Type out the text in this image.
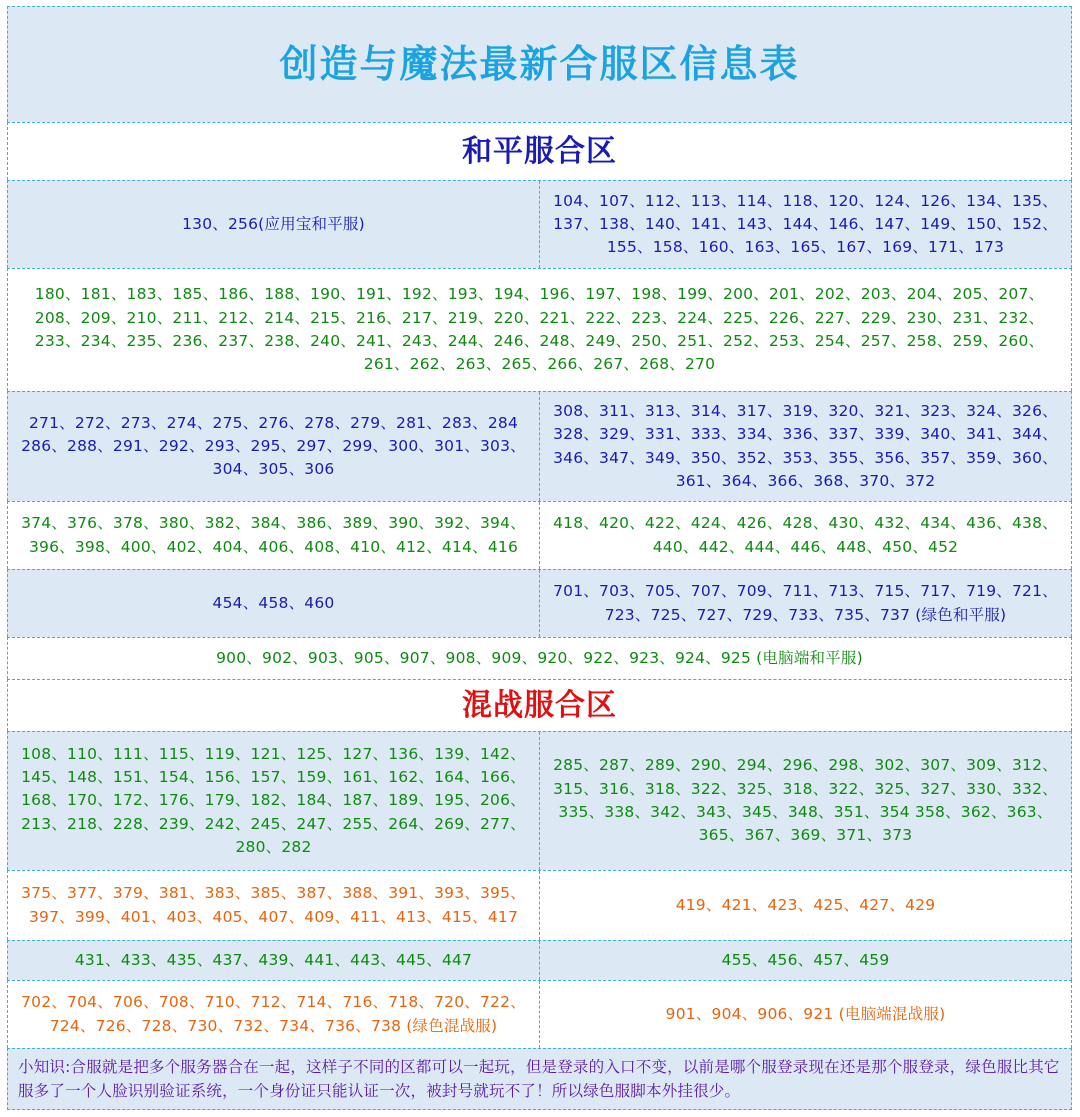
创造与魔法最新合服区信息表
和平服合区
130、256(应用宝和平服)
104、107、112、113、114、118、120、124、126、134、135、137、138、140、141、143、144、146、147、149、150、152、155、158、160、163、165、167、169、171、173
180、181、183、185、186、188、190、191、192、193、194、196、197、198、199、200、201、202、203、204、205、207、208、209、210、211、212、214、215、216、217、219、220、221、222、223、224、225、226、227、229、230、231、232、233、234、235、236、237、238、240、241、243、244、246、248、249、250、251、252、253、254、257、258、259、260、261、262、263、265、266、267、268、270
271、272、273、274、275、276、278、279、281、283、284 286、288、291、292、293、295、297、299、300、301、303、304、305、306
308、311、313、314、317、319、320、321、323、324、326、328、329、331、333、334、336、337、339、340、341、344、346、347、349、350、352、353、355、356、357、359、360、361、364、366、368、370、372
374、376、378、380、382、384、386、389、390、392、394、396、398、400、402、404、406、408、410、412、414、416
418、420、422、424、426、428、430、432、434、436、438、440、442、444、446、448、450、452
454、458、460
701、703、705、707、709、711、713、715、717、719、721、723、725、727、729、733、735、737 (绿色和平服)
900、902、903、905、907、908、909、920、922、923、924、925 (电脑端和平服)
混战服合区
108、110、111、115、119、121、125、127、136、139、142、145、148、151、154、156、157、159、161、162、164、166、168、170、172、176、179、182、184、187、189、195、206、213、218、228、239、242、245、247、255、264、269、277、280、282
285、287、289、290、294、296、298、302、307、309、312、315、316、318、322、325、318、322、325、327、330、332、335、338、342、343、345、348、351、354 358、362、363、365、367、369、371、373
375、377、379、381、383、385、387、388、391、393、395、397、399、401、403、405、407、409、411、413、415、417
419、421、423、425、427、429
431、433、435、437、439、441、443、445、447	455、456、457、459
702、704、706、708、710、712、714、716、718、720、722、724、726、728、730、732、734、736、738 (绿色混战服)
901、904、906、921 (电脑端混战服)
小知识:合服就是把多个服务器合在一起，这样子不同的区都可以一起玩，但是登录的入口不变，以前是哪个服登录现在还是那个服登录，绿色服比其它服多了一个人脸识别验证系统，一个身份证只能认证一次，被封号就玩不了！所以绿色服脚本外挂很少。
